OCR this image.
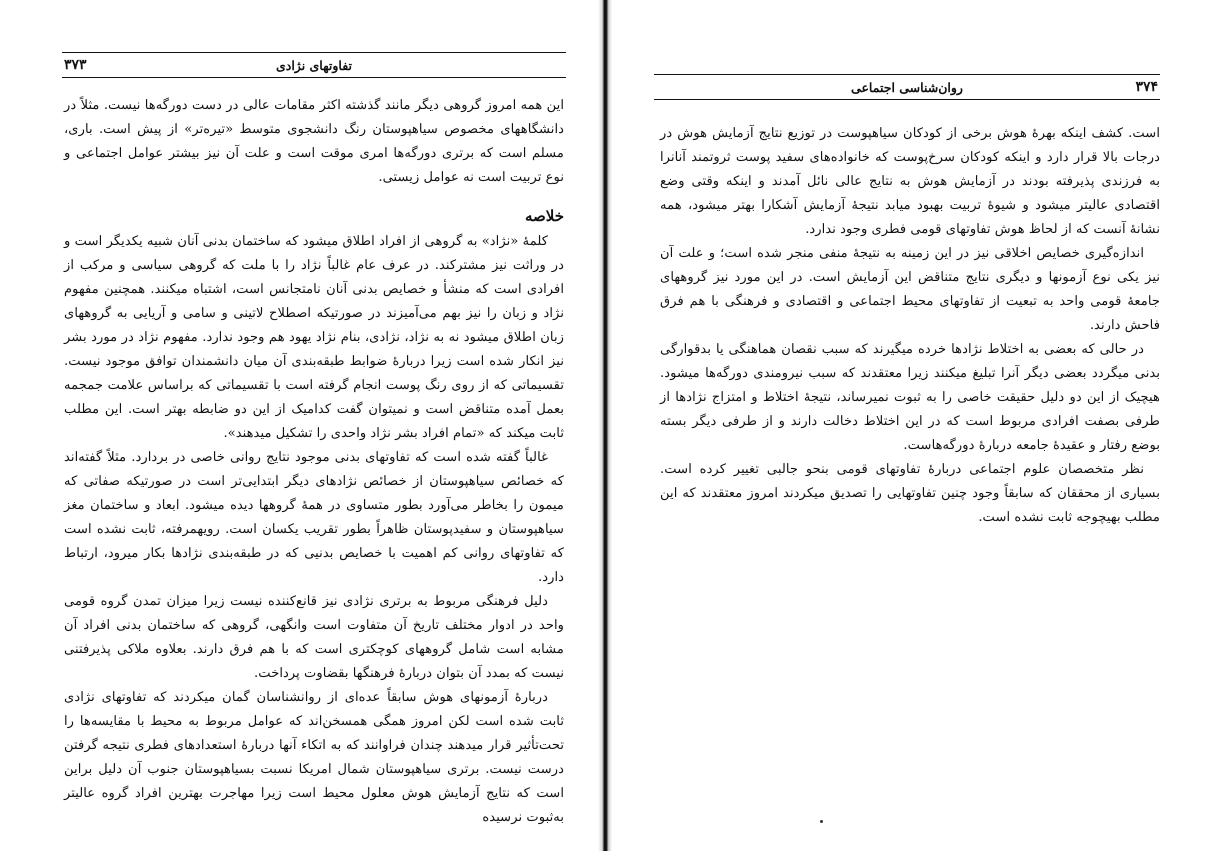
تفاوتهای نژادی
۳۷۳

این همه امروز گروهی دیگر مانند گذشته اکثر مقامات عالی در دست دورگه‌ها نیست. مثلاً در دانشگاههای مخصوص سیاهپوستان رنگ دانشجوی متوسط «تیره‌تر» از پیش است. باری، مسلم است که برتری دورگه‌ها امری موقت است و علت آن نیز بیشتر عوامل اجتماعی و نوع تربیت است نه عوامل زیستی.

خلاصه

کلمهٔ «نژاد» به گروهی از افراد اطلاق میشود که ساختمان بدنی آنان شبیه یکدیگر است و در وراثت نیز مشترکند. در عرف عام غالباً نژاد را با ملت که گروهی سیاسی و مرکب از افرادی است که منشأ و خصایص بدنی آنان نامتجانس است، اشتباه میکنند. همچنین مفهوم نژاد و زبان را نیز بهم می‌آمیزند در صورتیکه اصطلاح لاتینی و سامی و آریایی به گروههای زبان اطلاق میشود نه به نژاد، نژادی، بنام نژاد یهود هم وجود ندارد. مفهوم نژاد در مورد بشر نیز انکار شده است زیرا دربارهٔ ضوابط طبقه‌بندی آن میان دانشمندان توافق موجود نیست. تقسیماتی که از روی رنگ پوست انجام گرفته است با تقسیماتی که براساس علامت جمجمه بعمل آمده متناقض است و نمیتوان گفت کدامیک از این دو ضابطه بهتر است. این مطلب ثابت میکند که «تمام افراد بشر نژاد واحدی را تشکیل میدهند».

غالباً گفته شده است که تفاوتهای بدنی موجود نتایج روانی خاصی در بردارد. مثلاً گفته‌اند که خصائص سیاهپوستان از خصائص نژادهای دیگر ابتدایی‌تر است در صورتیکه صفاتی که میمون را بخاطر می‌آورد بطور متساوی در همهٔ گروهها دیده میشود. ابعاد و ساختمان مغز سیاهپوستان و سفیدپوستان ظاهراً بطور تقریب یکسان است. رویهمرفته، ثابت نشده است که تفاوتهای روانی کم اهمیت با خصایص بدنیی که در طبقه‌بندی نژادها بکار میرود، ارتباط دارد.

دلیل فرهنگی مربوط به برتری نژادی نیز قانع‌کننده نیست زیرا میزان تمدن گروه قومی واحد در ادوار مختلف تاریخ آن متفاوت است وانگهی، گروهی که ساختمان بدنی افراد آن مشابه است شامل گروههای کوچکتری است که با هم فرق دارند. بعلاوه ملاکی پذیرفتنی نیست که بمدد آن بتوان دربارهٔ فرهنگها بقضاوت پرداخت.

دربارهٔ آزمونهای هوش سابقاً عده‌ای از روانشناسان گمان میکردند که تفاوتهای نژادی ثابت شده است لکن امروز همگی همسخن‌اند که عوامل مربوط به محیط با مقایسه‌ها را تحت‌تأثیر قرار میدهند چندان فراوانند که به اتکاء آنها دربارهٔ استعدادهای فطری نتیجه گرفتن درست نیست. برتری سیاهپوستان شمال امریکا نسبت بسیاهپوستان جنوب آن دلیل براین است که نتایج آزمایش هوش معلول محیط است زیرا مهاجرت بهترین افراد گروه عالیتر به‌ثبوت نرسیده

روان‌شناسی اجتماعی	۳۷۴

است. کشف اینکه بهرهٔ هوش برخی از کودکان سیاهپوست در توزیع نتایج آزمایش هوش در درجات بالا قرار دارد و اینکه کودکان سرخ‌پوست که خانواده‌های سفید پوست ثروتمند آنانرا به فرزندی پذیرفته بودند در آزمایش هوش به نتایج عالی نائل آمدند و اینکه وقتی وضع اقتصادی عالیتر میشود و شیوهٔ تربیت بهبود میابد نتیجهٔ آزمایش آشکارا بهتر میشود، همه نشانهٔ آنست که از لحاظ هوش تفاوتهای قومی فطری وجود ندارد.

اندازه‌گیری خصایص اخلاقی نیز در این زمینه به نتیجهٔ منفی منجر شده است؛ و علت آن نیز یکی نوع آزمونها و دیگری نتایج متناقض این آزمایش است. در این مورد نیز گروههای جامعهٔ قومی واحد به تبعیت از تفاوتهای محیط اجتماعی و اقتصادی و فرهنگی با هم فرق فاحش دارند.

در حالی که بعضی به اختلاط نژادها خرده میگیرند که سبب نقصان هماهنگی یا بدقوارگی بدنی میگردد بعضی دیگر آنرا تبلیغ میکنند زیرا معتقدند که سبب نیرومندی دورگه‌ها میشود. هیچیک از این دو دلیل حقیقت خاصی را به ثبوت نمیرساند، نتیجهٔ اختلاط و امتزاج نژادها از طرفی بصفت افرادی مربوط است که در این اختلاط دخالت دارند و از طرفی دیگر بسته بوضع رفتار و عقیدهٔ جامعه دربارهٔ دورگه‌هاست.

نظر متخصصان علوم اجتماعی دربارهٔ تفاوتهای قومی بنحو جالبی تغییر کرده است. بسیاری از محققان که سابقاً وجود چنین تفاوتهایی را تصدیق میکردند امروز معتقدند که این مطلب بهیچوجه ثابت نشده است.
